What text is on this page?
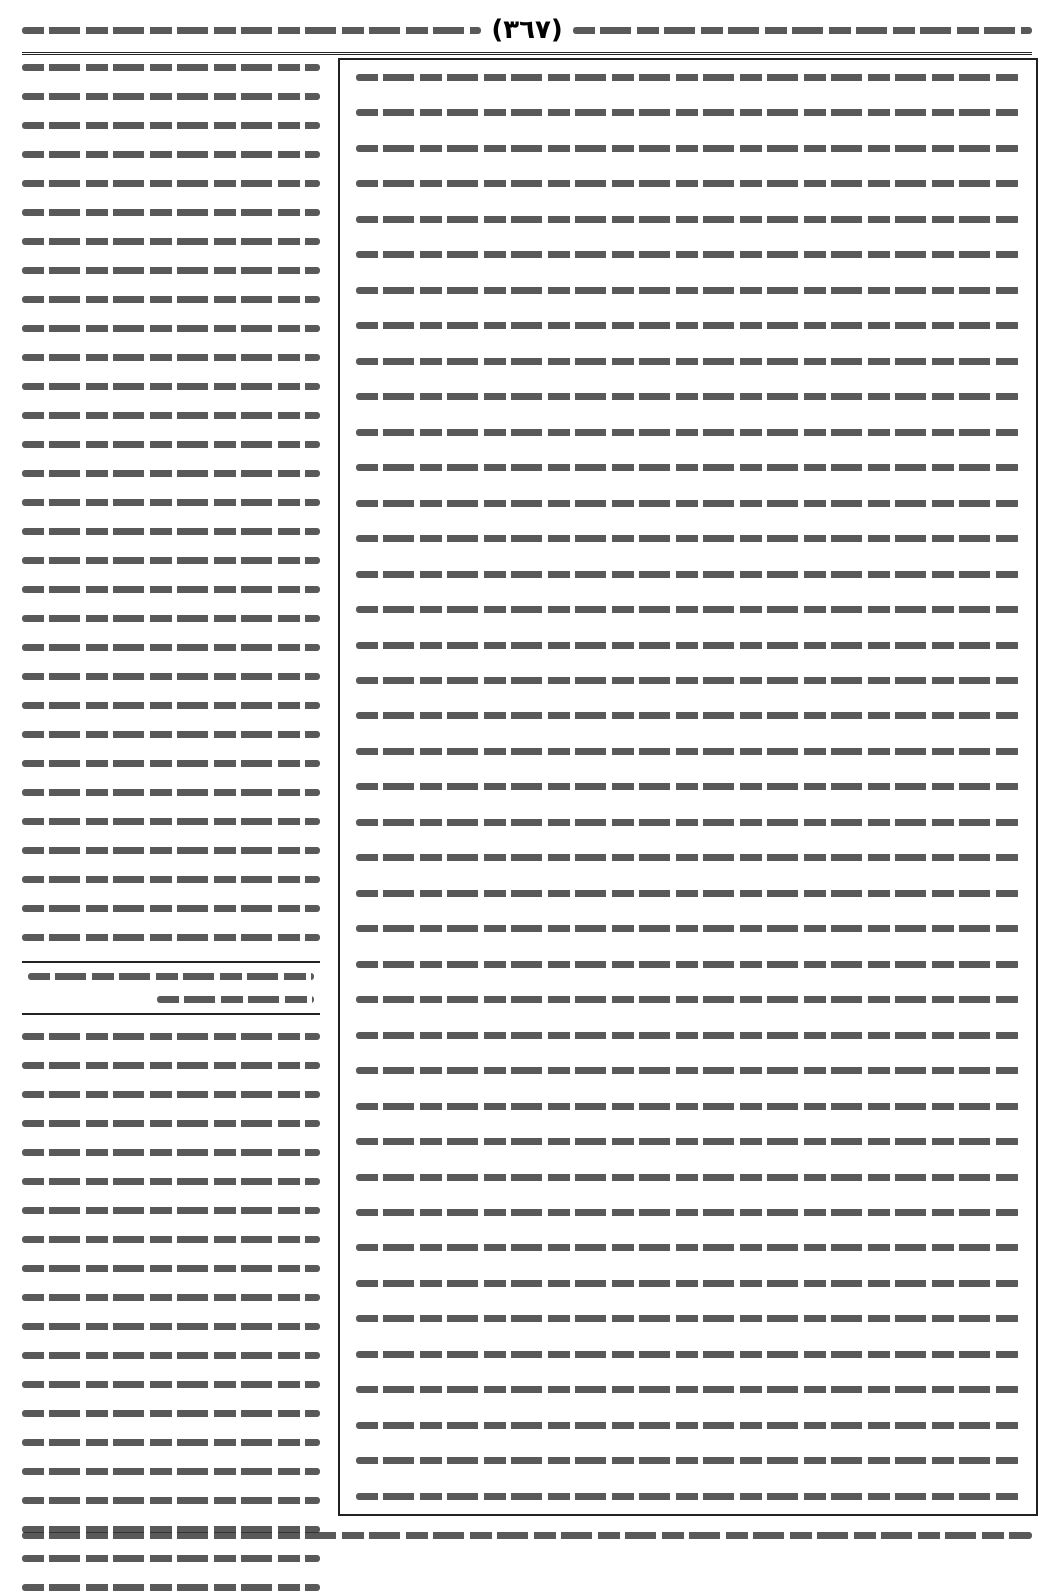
(٣٦٧)
